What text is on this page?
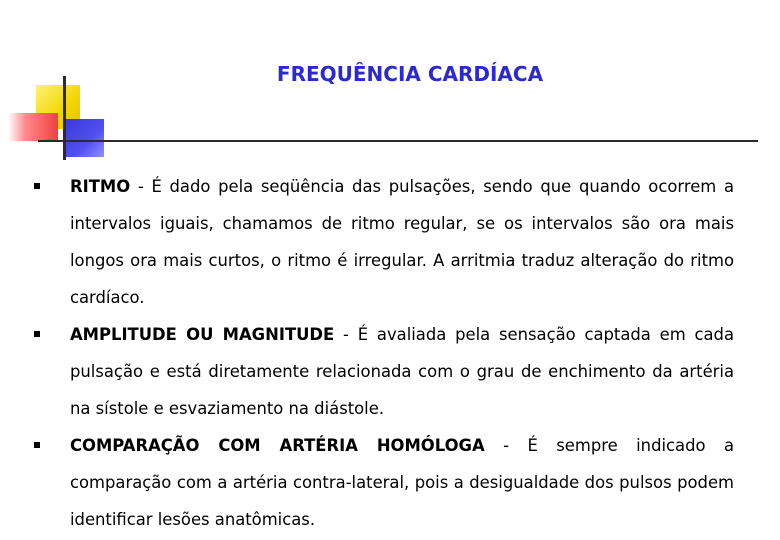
FREQUÊNCIA CARDÍACA
RITMO - É dado pela seqüência das pulsações, sendo que quando ocorrem a intervalos iguais, chamamos de ritmo regular, se os intervalos são ora mais longos ora mais curtos, o ritmo é irregular. A arritmia traduz alteração do ritmo cardíaco.
AMPLITUDE OU MAGNITUDE - É avaliada pela sensação captada em cada pulsação e está diretamente relacionada com o grau de enchimento da artéria na sístole e esvaziamento na diástole.
COMPARAÇÃO COM ARTÉRIA HOMÓLOGA - É sempre indicado a comparação com a artéria contra-lateral, pois a desigualdade dos pulsos podem identificar lesões anatômicas.
